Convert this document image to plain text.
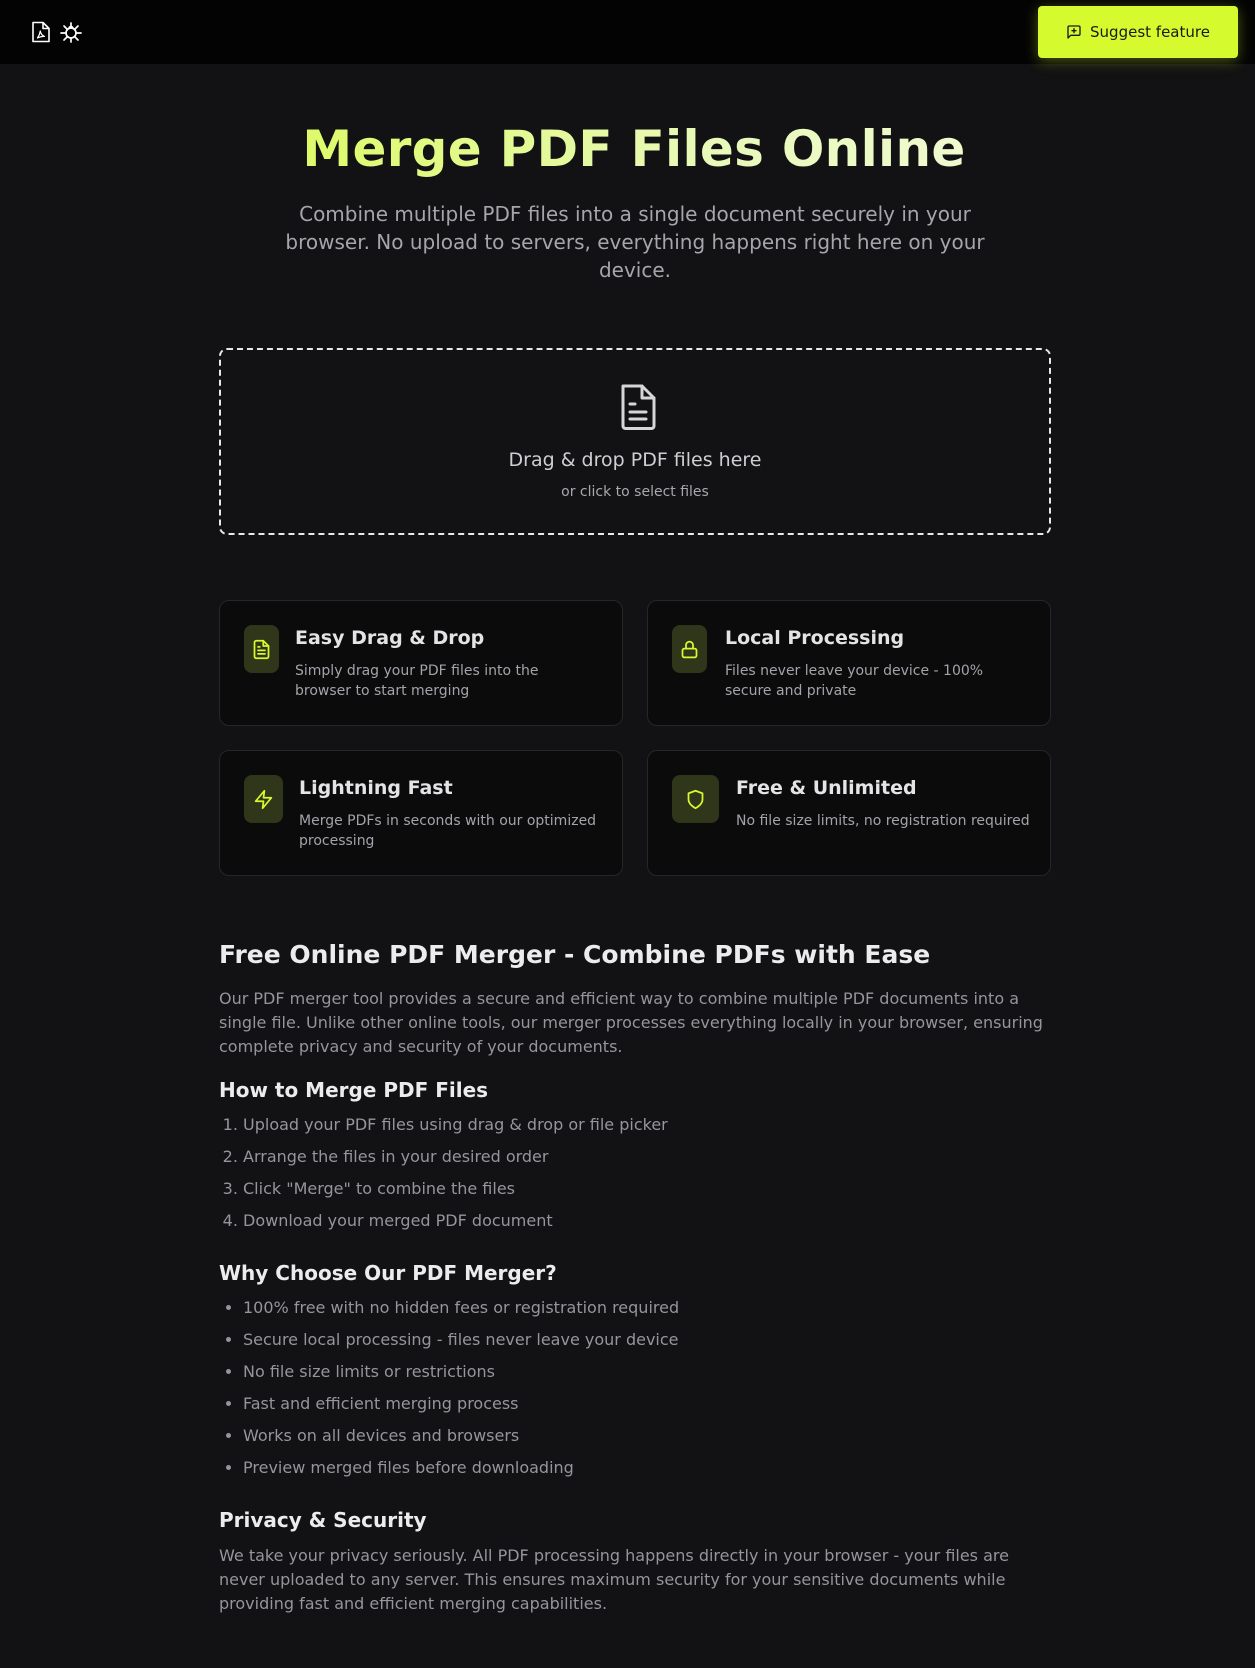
Suggest feature
Merge PDF Files Online

Combine multiple PDF files into a single document securely in your browser. No upload to servers, everything happens right here on your device.

Drag & drop PDF files here
or click to select files
Easy Drag & Drop

Simply drag your PDF files into the browser to start merging

Local Processing

Files never leave your device - 100% secure and private

Lightning Fast

Merge PDFs in seconds with our optimized processing

Free & Unlimited

No file size limits, no registration required

Free Online PDF Merger - Combine PDFs with Ease

Our PDF merger tool provides a secure and efficient way to combine multiple PDF documents into a single file. Unlike other online tools, our merger processes everything locally in your browser, ensuring complete privacy and security of your documents.

How to Merge PDF Files
1. Upload your PDF files using drag & drop or file picker
2. Arrange the files in your desired order
3. Click "Merge" to combine the files
4. Download your merged PDF document
Why Choose Our PDF Merger?
• 100% free with no hidden fees or registration required
• Secure local processing - files never leave your device
• No file size limits or restrictions
• Fast and efficient merging process
• Works on all devices and browsers
• Preview merged files before downloading
Privacy & Security

We take your privacy seriously. All PDF processing happens directly in your browser - your files are never uploaded to any server. This ensures maximum security for your sensitive documents while providing fast and efficient merging capabilities.
